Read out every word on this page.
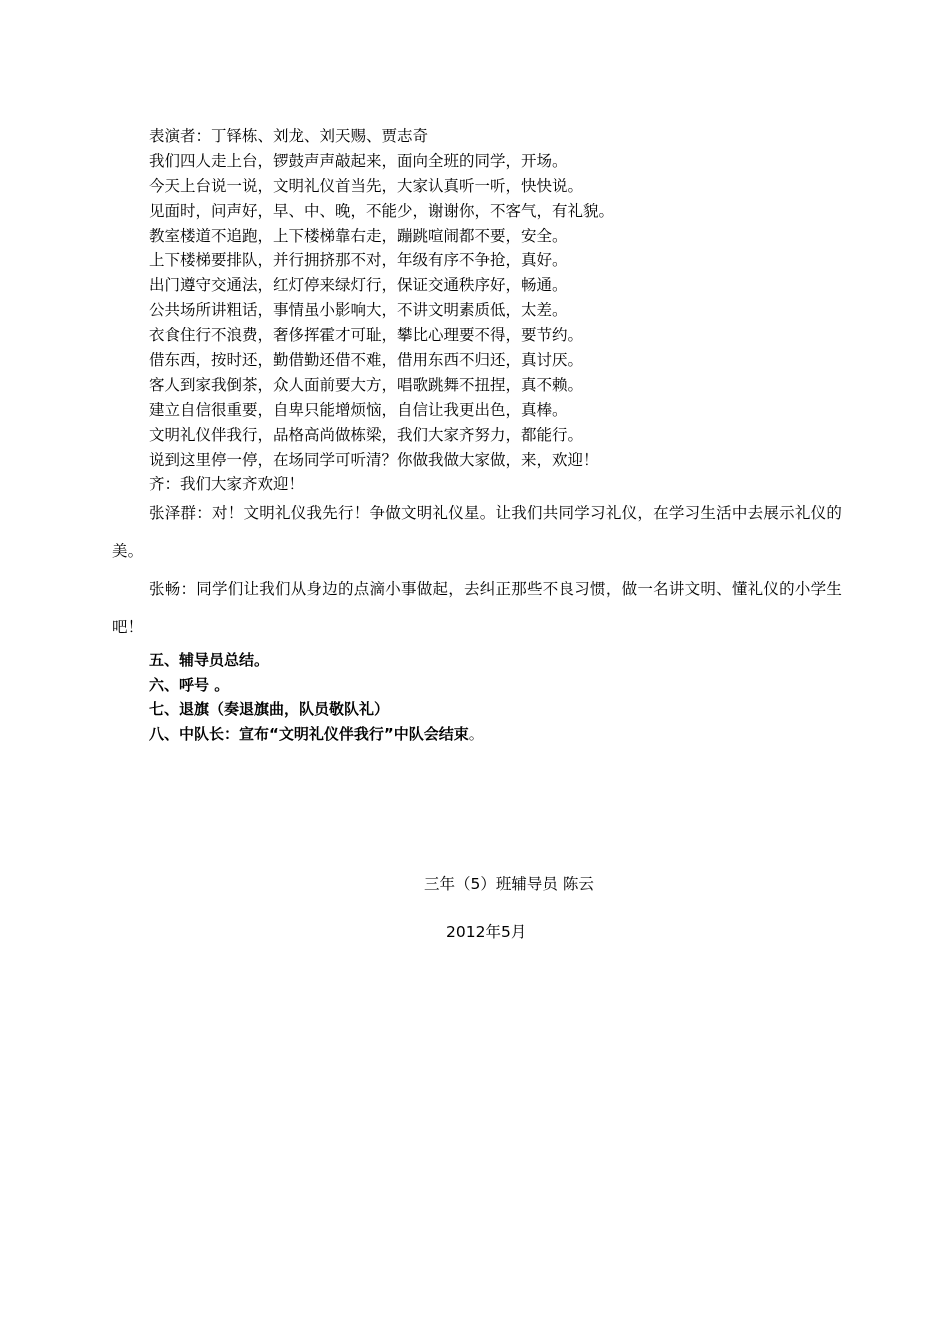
表演者：丁铎栋、刘龙、刘天赐、贾志奇
我们四人走上台，锣鼓声声敲起来，面向全班的同学，开场。
今天上台说一说，文明礼仪首当先，大家认真听一听，快快说。
见面时，问声好，早、中、晚，不能少，谢谢你，不客气，有礼貌。
教室楼道不追跑，上下楼梯靠右走，蹦跳喧闹都不要，安全。
上下楼梯要排队，并行拥挤那不对，年级有序不争抢，真好。
出门遵守交通法，红灯停来绿灯行，保证交通秩序好，畅通。
公共场所讲粗话，事情虽小影响大，不讲文明素质低，太差。
衣食住行不浪费，奢侈挥霍才可耻，攀比心理要不得，要节约。
借东西，按时还，勤借勤还借不难，借用东西不归还，真讨厌。
客人到家我倒茶，众人面前要大方，唱歌跳舞不扭捏，真不赖。
建立自信很重要，自卑只能增烦恼，自信让我更出色，真棒。
文明礼仪伴我行，品格高尚做栋梁，我们大家齐努力，都能行。
说到这里停一停，在场同学可听清？你做我做大家做，来，欢迎！
齐：我们大家齐欢迎！
张泽群：对！文明礼仪我先行！争做文明礼仪星。让我们共同学习礼仪，在学习生活中去展示礼仪的美。
张畅：同学们让我们从身边的点滴小事做起，去纠正那些不良习惯，做一名讲文明、懂礼仪的小学生吧！
五、辅导员总结。
六、呼号 。
七、退旗（奏退旗曲，队员敬队礼）
八、中队长：宣布“文明礼仪伴我行”中队会结束。
三年（5）班辅导员 陈云
2012年5月
